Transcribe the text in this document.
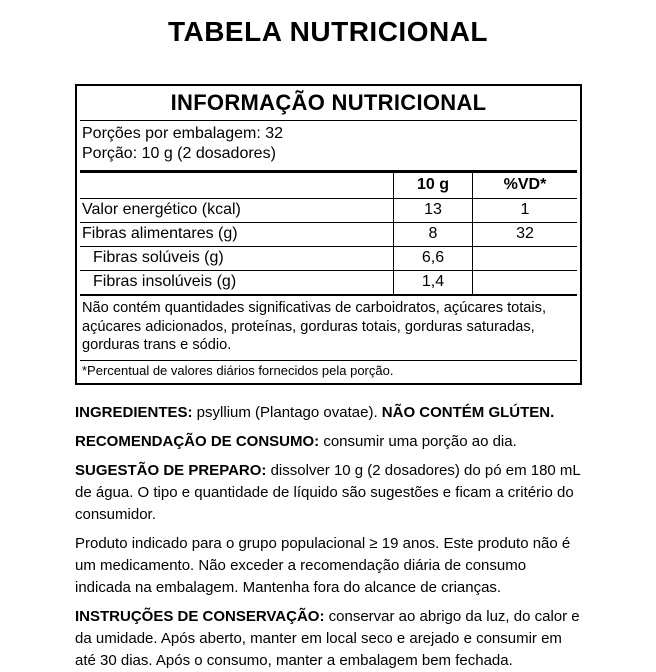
TABELA NUTRICIONAL
INFORMAÇÃO NUTRICIONAL
Porções por embalagem: 32
Porção: 10 g (2 dosadores)
10 g	%VD*
Valor energético (kcal)	13	1
Fibras alimentares (g)	8	32
Fibras solúveis (g)	6,6
Fibras insolúveis (g)	1,4
Não contém quantidades significativas de carboidratos, açúcares totais, açúcares adicionados, proteínas, gorduras totais, gorduras saturadas, gorduras trans e sódio.
*Percentual de valores diários fornecidos pela porção.

INGREDIENTES: psyllium (Plantago ovatae). NÃO CONTÉM GLÚTEN.

RECOMENDAÇÃO DE CONSUMO: consumir uma porção ao dia.

SUGESTÃO DE PREPARO: dissolver 10 g (2 dosadores) do pó em 180 mL de água. O tipo e quantidade de líquido são sugestões e ficam a critério do consumidor.

Produto indicado para o grupo populacional ≥ 19 anos. Este produto não é um medicamento. Não exceder a recomendação diária de consumo indicada na embalagem. Mantenha fora do alcance de crianças.

INSTRUÇÕES DE CONSERVAÇÃO: conservar ao abrigo da luz, do calor e da umidade. Após aberto, manter em local seco e arejado e consumir em até 30 dias. Após o consumo, manter a embalagem bem fechada.
